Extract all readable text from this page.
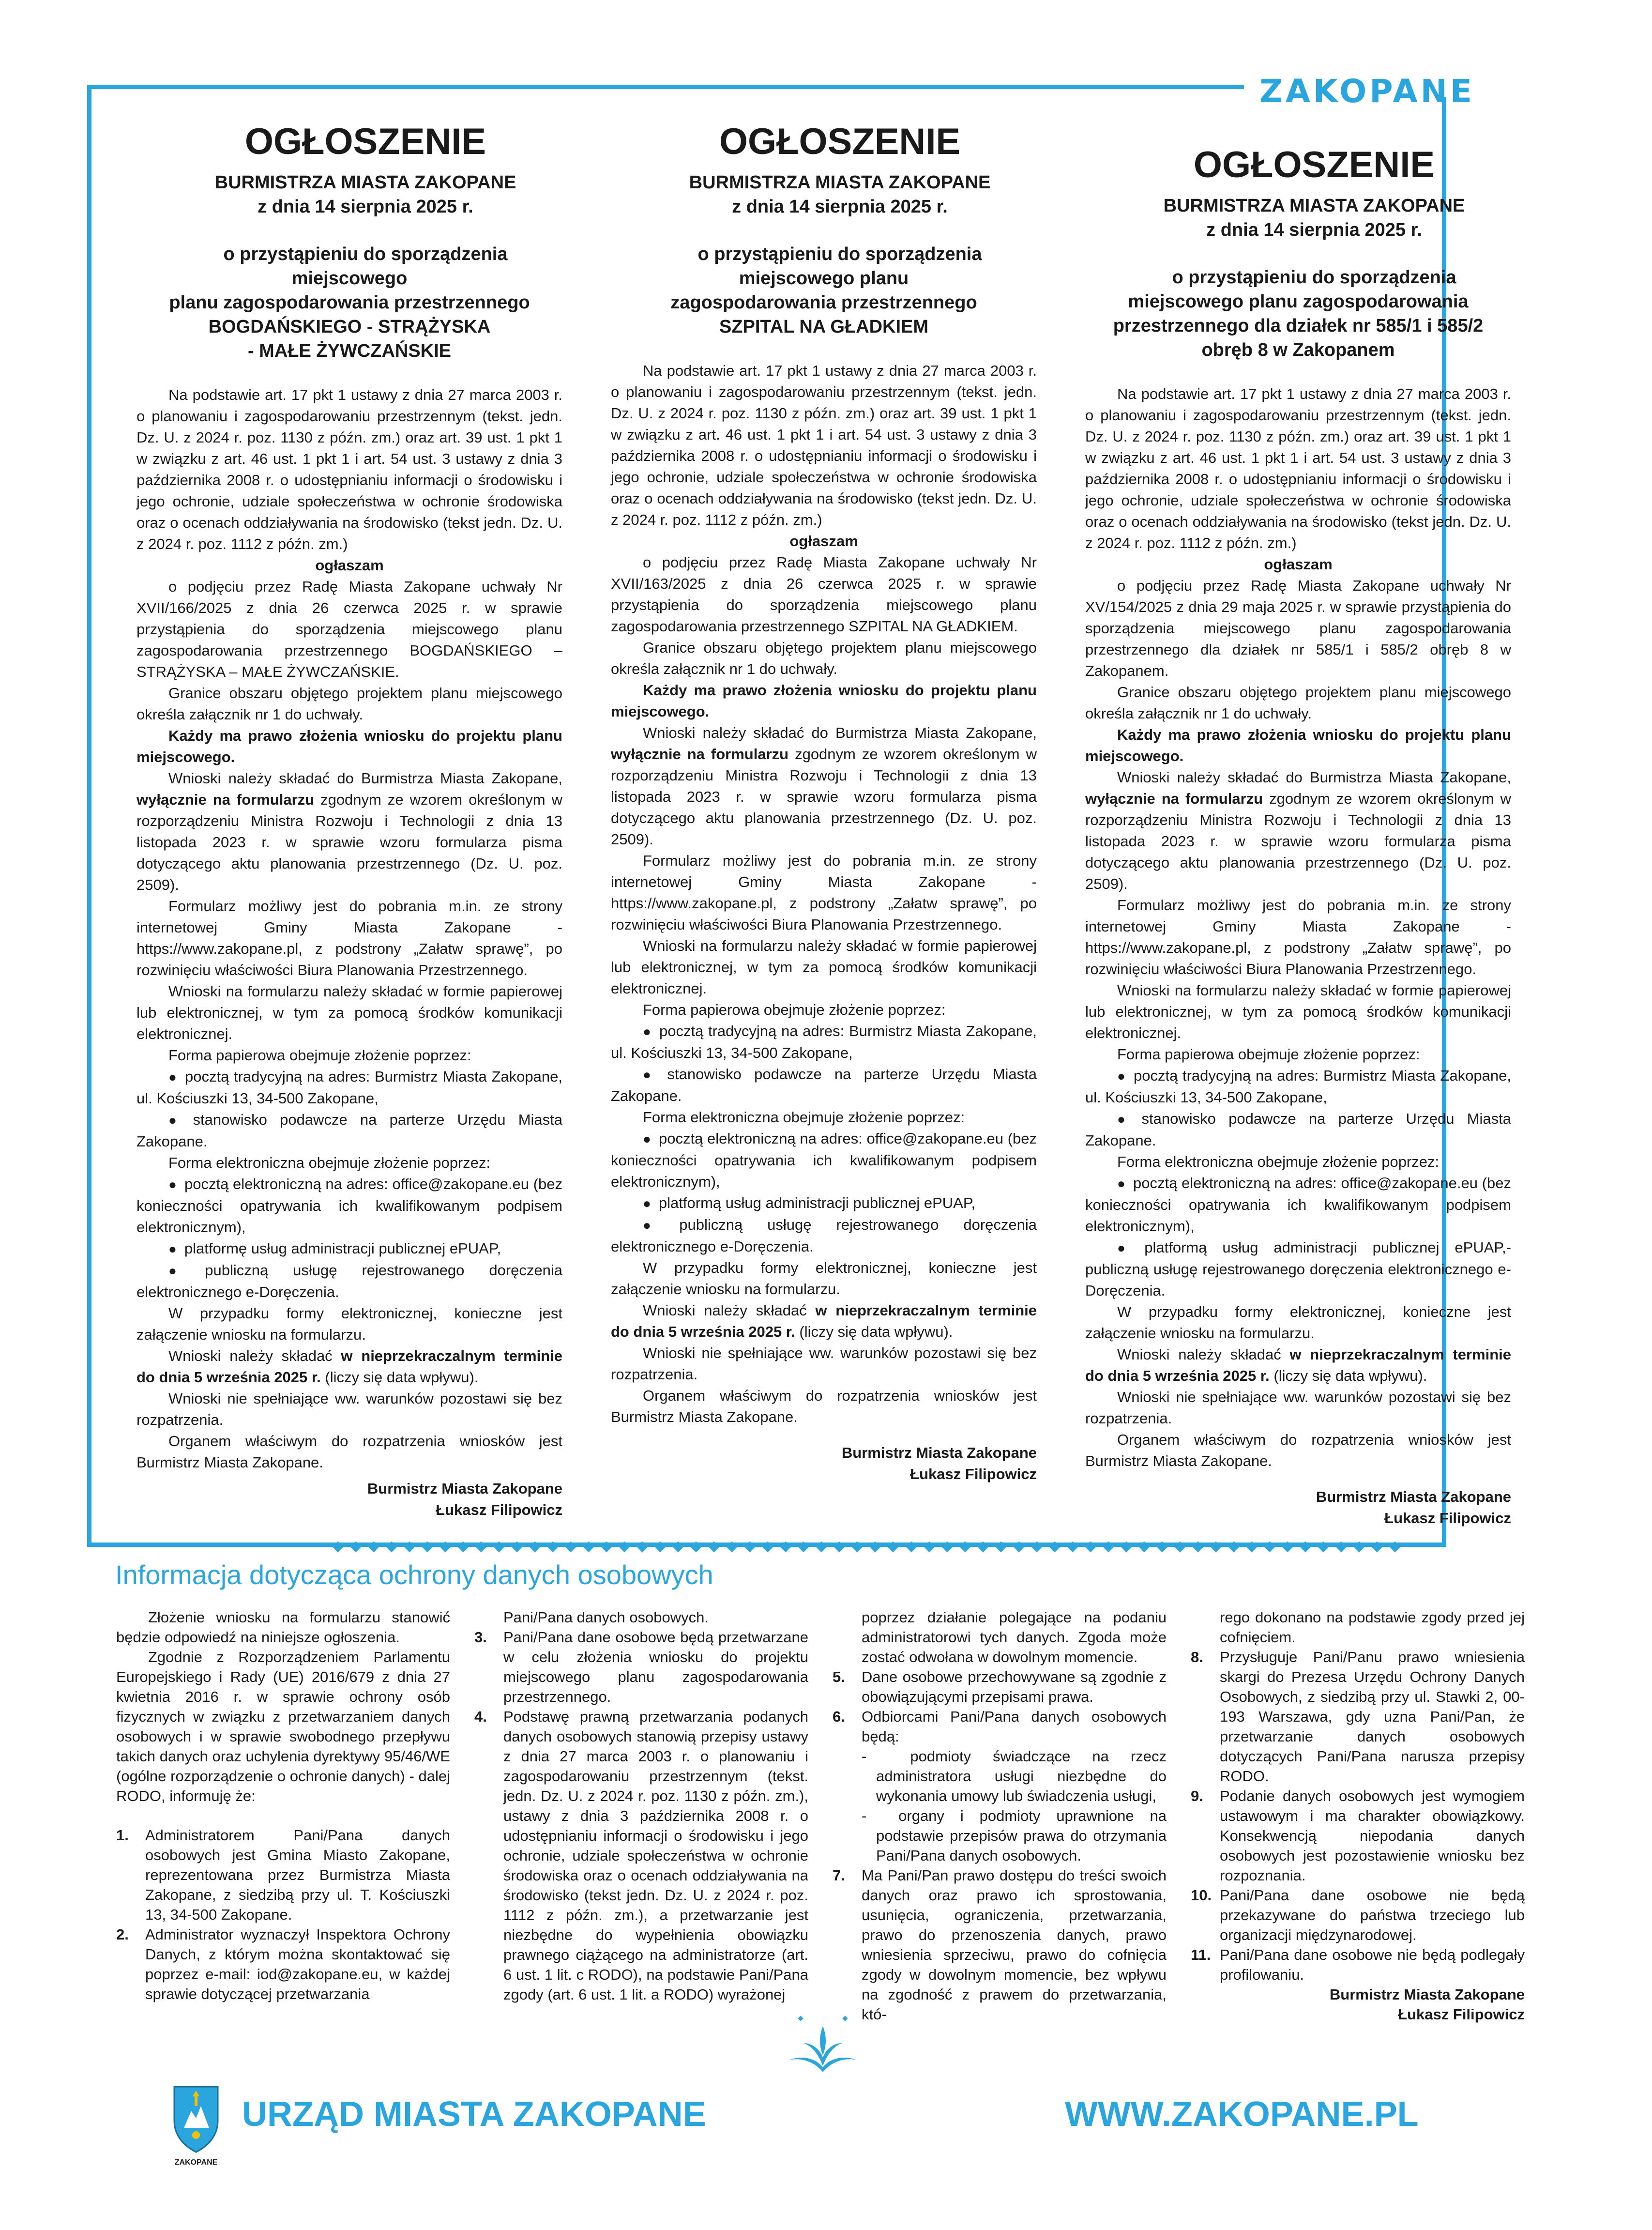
ZAKOPANE

OGŁOSZENIE

BURMISTRZA MIASTA ZAKOPANE

z dnia 14 sierpnia 2025 r.

o przystąpieniu do sporządzenia miejscowego
planu zagospodarowania przestrzennego
BOGDAŃSKIEGO - STRĄŻYSKA
- MAŁE ŻYWCZAŃSKIE

Na podstawie art. 17 pkt 1 ustawy z dnia 27 marca 2003 r. o planowaniu i zagospodarowaniu przestrzennym (tekst. jedn. Dz. U. z 2024 r. poz. 1130 z późn. zm.) oraz art. 39 ust. 1 pkt 1 w związku z art. 46 ust. 1 pkt 1 i art. 54 ust. 3 ustawy z dnia 3 października 2008 r. o udostępnianiu informacji o środowisku i jego ochronie, udziale społeczeństwa w ochronie środowiska oraz o ocenach oddziaływania na środowisko (tekst jedn. Dz. U. z 2024 r. poz. 1112 z późn. zm.)

ogłaszam

o podjęciu przez Radę Miasta Zakopane uchwały Nr XVII/166/2025 z dnia 26 czerwca 2025 r. w sprawie przystąpienia do sporządzenia miejscowego planu zagospodarowania przestrzennego BOGDAŃSKIEGO – STRĄŻYSKA – MAŁE ŻYWCZAŃSKIE.

Granice obszaru objętego projektem planu miejscowego określa załącznik nr 1 do uchwały.

Każdy ma prawo złożenia wniosku do projektu planu miejscowego.

Wnioski należy składać do Burmistrza Miasta Zakopane, wyłącznie na formularzu zgodnym ze wzorem określonym w rozporządzeniu Ministra Rozwoju i Technologii z dnia 13 listopada 2023 r. w sprawie wzoru formularza pisma dotyczącego aktu planowania przestrzennego (Dz. U. poz. 2509).

Formularz możliwy jest do pobrania m.in. ze strony internetowej Gminy Miasta Zakopane - https://www.zakopane.pl, z podstrony „Załatw sprawę”, po rozwinięciu właściwości Biura Planowania Przestrzennego.

Wnioski na formularzu należy składać w formie papierowej lub elektronicznej, w tym za pomocą środków komunikacji elektronicznej.

Forma papierowa obejmuje złożenie poprzez:

● pocztą tradycyjną na adres: Burmistrz Miasta Zakopane, ul. Kościuszki 13, 34-500 Zakopane,

● stanowisko podawcze na parterze Urzędu Miasta Zakopane.

Forma elektroniczna obejmuje złożenie poprzez:

● pocztą elektroniczną na adres: office@zakopane.eu (bez konieczności opatrywania ich kwalifikowanym podpisem elektronicznym),

● platformę usług administracji publicznej ePUAP,

● publiczną usługę rejestrowanego doręczenia elektronicznego e-Doręczenia.

W przypadku formy elektronicznej, konieczne jest załączenie wniosku na formularzu.

Wnioski należy składać w nieprzekraczalnym terminie do dnia 5 września 2025 r. (liczy się data wpływu).

Wnioski nie spełniające ww. warunków pozostawi się bez rozpatrzenia.

Organem właściwym do rozpatrzenia wniosków jest Burmistrz Miasta Zakopane.

Burmistrz Miasta Zakopane

Łukasz Filipowicz

OGŁOSZENIE

BURMISTRZA MIASTA ZAKOPANE

z dnia 14 sierpnia 2025 r.

o przystąpieniu do sporządzenia
miejscowego planu
zagospodarowania przestrzennego
SZPITAL NA GŁADKIEM

Na podstawie art. 17 pkt 1 ustawy z dnia 27 marca 2003 r. o planowaniu i zagospodarowaniu przestrzennym (tekst. jedn. Dz. U. z 2024 r. poz. 1130 z późn. zm.) oraz art. 39 ust. 1 pkt 1 w związku z art. 46 ust. 1 pkt 1 i art. 54 ust. 3 ustawy z dnia 3 października 2008 r. o udostępnianiu informacji o środowisku i jego ochronie, udziale społeczeństwa w ochronie środowiska oraz o ocenach oddziaływania na środowisko (tekst jedn. Dz. U. z 2024 r. poz. 1112 z późn. zm.)

ogłaszam

o podjęciu przez Radę Miasta Zakopane uchwały Nr XVII/163/2025 z dnia 26 czerwca 2025 r. w sprawie przystąpienia do sporządzenia miejscowego planu zagospodarowania przestrzennego SZPITAL NA GŁADKIEM.

Granice obszaru objętego projektem planu miejscowego określa załącznik nr 1 do uchwały.

Każdy ma prawo złożenia wniosku do projektu planu miejscowego.

Wnioski należy składać do Burmistrza Miasta Zakopane, wyłącznie na formularzu zgodnym ze wzorem określonym w rozporządzeniu Ministra Rozwoju i Technologii z dnia 13 listopada 2023 r. w sprawie wzoru formularza pisma dotyczącego aktu planowania przestrzennego (Dz. U. poz. 2509).

Formularz możliwy jest do pobrania m.in. ze strony internetowej Gminy Miasta Zakopane - https://www.zakopane.pl, z podstrony „Załatw sprawę”, po rozwinięciu właściwości Biura Planowania Przestrzennego.

Wnioski na formularzu należy składać w formie papierowej lub elektronicznej, w tym za pomocą środków komunikacji elektronicznej.

Forma papierowa obejmuje złożenie poprzez:

● pocztą tradycyjną na adres: Burmistrz Miasta Zakopane, ul. Kościuszki 13, 34-500 Zakopane,

● stanowisko podawcze na parterze Urzędu Miasta Zakopane.

Forma elektroniczna obejmuje złożenie poprzez:

● pocztą elektroniczną na adres: office@zakopane.eu (bez konieczności opatrywania ich kwalifikowanym podpisem elektronicznym),

● platformą usług administracji publicznej ePUAP,

● publiczną usługę rejestrowanego doręczenia elektronicznego e-Doręczenia.

W przypadku formy elektronicznej, konieczne jest załączenie wniosku na formularzu.

Wnioski należy składać w nieprzekraczalnym terminie do dnia 5 września 2025 r. (liczy się data wpływu).

Wnioski nie spełniające ww. warunków pozostawi się bez rozpatrzenia.

Organem właściwym do rozpatrzenia wniosków jest Burmistrz Miasta Zakopane.

Burmistrz Miasta Zakopane

Łukasz Filipowicz

OGŁOSZENIE

BURMISTRZA MIASTA ZAKOPANE

z dnia 14 sierpnia 2025 r.

o przystąpieniu do sporządzenia
miejscowego planu zagospodarowania
przestrzennego dla działek nr 585/1 i 585/2
obręb 8 w Zakopanem

Na podstawie art. 17 pkt 1 ustawy z dnia 27 marca 2003 r. o planowaniu i zagospodarowaniu przestrzennym (tekst. jedn. Dz. U. z 2024 r. poz. 1130 z późn. zm.) oraz art. 39 ust. 1 pkt 1 w związku z art. 46 ust. 1 pkt 1 i art. 54 ust. 3 ustawy z dnia 3 października 2008 r. o udostępnianiu informacji o środowisku i jego ochronie, udziale społeczeństwa w ochronie środowiska oraz o ocenach oddziaływania na środowisko (tekst jedn. Dz. U. z 2024 r. poz. 1112 z późn. zm.)

ogłaszam

o podjęciu przez Radę Miasta Zakopane uchwały Nr XV/154/2025 z dnia 29 maja 2025 r. w sprawie przystąpienia do sporządzenia miejscowego planu zagospodarowania przestrzennego dla działek nr 585/1 i 585/2 obręb 8 w Zakopanem.

Granice obszaru objętego projektem planu miejscowego określa załącznik nr 1 do uchwały.

Każdy ma prawo złożenia wniosku do projektu planu miejscowego.

Wnioski należy składać do Burmistrza Miasta Zakopane, wyłącznie na formularzu zgodnym ze wzorem określonym w rozporządzeniu Ministra Rozwoju i Technologii z dnia 13 listopada 2023 r. w sprawie wzoru formularza pisma dotyczącego aktu planowania przestrzennego (Dz. U. poz. 2509).

Formularz możliwy jest do pobrania m.in. ze strony internetowej Gminy Miasta Zakopane - https://www.zakopane.pl, z podstrony „Załatw sprawę”, po rozwinięciu właściwości Biura Planowania Przestrzennego.

Wnioski na formularzu należy składać w formie papierowej lub elektronicznej, w tym za pomocą środków komunikacji elektronicznej.

Forma papierowa obejmuje złożenie poprzez:

● pocztą tradycyjną na adres: Burmistrz Miasta Zakopane, ul. Kościuszki 13, 34-500 Zakopane,

● stanowisko podawcze na parterze Urzędu Miasta Zakopane.

Forma elektroniczna obejmuje złożenie poprzez:

● pocztą elektroniczną na adres: office@zakopane.eu (bez konieczności opatrywania ich kwalifikowanym podpisem elektronicznym),

● platformą usług administracji publicznej ePUAP,- publiczną usługę rejestrowanego doręczenia elektronicznego e-Doręczenia.

W przypadku formy elektronicznej, konieczne jest załączenie wniosku na formularzu.

Wnioski należy składać w nieprzekraczalnym terminie do dnia 5 września 2025 r. (liczy się data wpływu).

Wnioski nie spełniające ww. warunków pozostawi się bez rozpatrzenia.

Organem właściwym do rozpatrzenia wniosków jest Burmistrz Miasta Zakopane.

Burmistrz Miasta Zakopane

Łukasz Filipowicz

Informacja dotycząca ochrony danych osobowych

Złożenie wniosku na formularzu stanowić będzie odpowiedź na niniejsze ogłoszenia.

Zgodnie z Rozporządzeniem Parlamentu Europejskiego i Rady (UE) 2016/679 z dnia 27 kwietnia 2016 r. w sprawie ochrony osób fizycznych w związku z przetwarzaniem danych osobowych i w sprawie swobodnego przepływu takich danych oraz uchylenia dyrektywy 95/46/WE (ogólne rozporządzenie o ochronie danych) - dalej RODO, informuję że:

1. Administratorem Pani/Pana danych osobowych jest Gmina Miasto Zakopane, reprezentowana przez Burmistrza Miasta Zakopane, z siedzibą przy ul. T. Kościuszki 13, 34-500 Zakopane.

2. Administrator wyznaczył Inspektora Ochrony Danych, z którym można skontaktować się poprzez e-mail: iod@zakopane.eu, w każdej sprawie dotyczącej przetwarzania

Pani/Pana danych osobowych.

3. Pani/Pana dane osobowe będą przetwarzane w celu złożenia wniosku do projektu miejscowego planu zagospodarowania przestrzennego.

4. Podstawę prawną przetwarzania podanych danych osobowych stanowią przepisy ustawy z dnia 27 marca 2003 r. o planowaniu i zagospodarowaniu przestrzennym (tekst. jedn. Dz. U. z 2024 r. poz. 1130 z późn. zm.), ustawy z dnia 3 października 2008 r. o udostępnianiu informacji o środowisku i jego ochronie, udziale społeczeństwa w ochronie środowiska oraz o ocenach oddziaływania na środowisko (tekst jedn. Dz. U. z 2024 r. poz. 1112 z późn. zm.), a przetwarzanie jest niezbędne do wypełnienia obowiązku prawnego ciążącego na administratorze (art. 6 ust. 1 lit. c RODO), na podstawie Pani/Pana zgody (art. 6 ust. 1 lit. a RODO) wyrażonej

poprzez działanie polegające na podaniu administratorowi tych danych. Zgoda może zostać odwołana w dowolnym momencie.

5. Dane osobowe przechowywane są zgodnie z obowiązującymi przepisami prawa.

6. Odbiorcami Pani/Pana danych osobowych będą:

-  podmioty świadczące na rzecz administratora usługi niezbędne do wykonania umowy lub świadczenia usługi,

-  organy i podmioty uprawnione na podstawie przepisów prawa do otrzymania Pani/Pana danych osobowych.

7. Ma Pani/Pan prawo dostępu do treści swoich danych oraz prawo ich sprostowania, usunięcia, ograniczenia, przetwarzania, prawo do przenoszenia danych, prawo wniesienia sprzeciwu, prawo do cofnięcia zgody w dowolnym momencie, bez wpływu na zgodność z prawem do przetwarzania, któ-

rego dokonano na podstawie zgody przed jej cofnięciem.

8. Przysługuje Pani/Panu prawo wniesienia skargi do Prezesa Urzędu Ochrony Danych Osobowych, z siedzibą przy ul. Stawki 2, 00-193 Warszawa, gdy uzna Pani/Pan, że przetwarzanie danych osobowych dotyczących Pani/Pana narusza przepisy RODO.

9. Podanie danych osobowych jest wymogiem ustawowym i ma charakter obowiązkowy. Konsekwencją niepodania danych osobowych jest pozostawienie wniosku bez rozpoznania.

10. Pani/Pana dane osobowe nie będą przekazywane do państwa trzeciego lub organizacji międzynarodowej.

11. Pani/Pana dane osobowe nie będą podlegały profilowaniu.

Burmistrz Miasta Zakopane

Łukasz Filipowicz

ZAKOPANE

URZĄD MIASTA ZAKOPANE	WWW.ZAKOPANE.PL
